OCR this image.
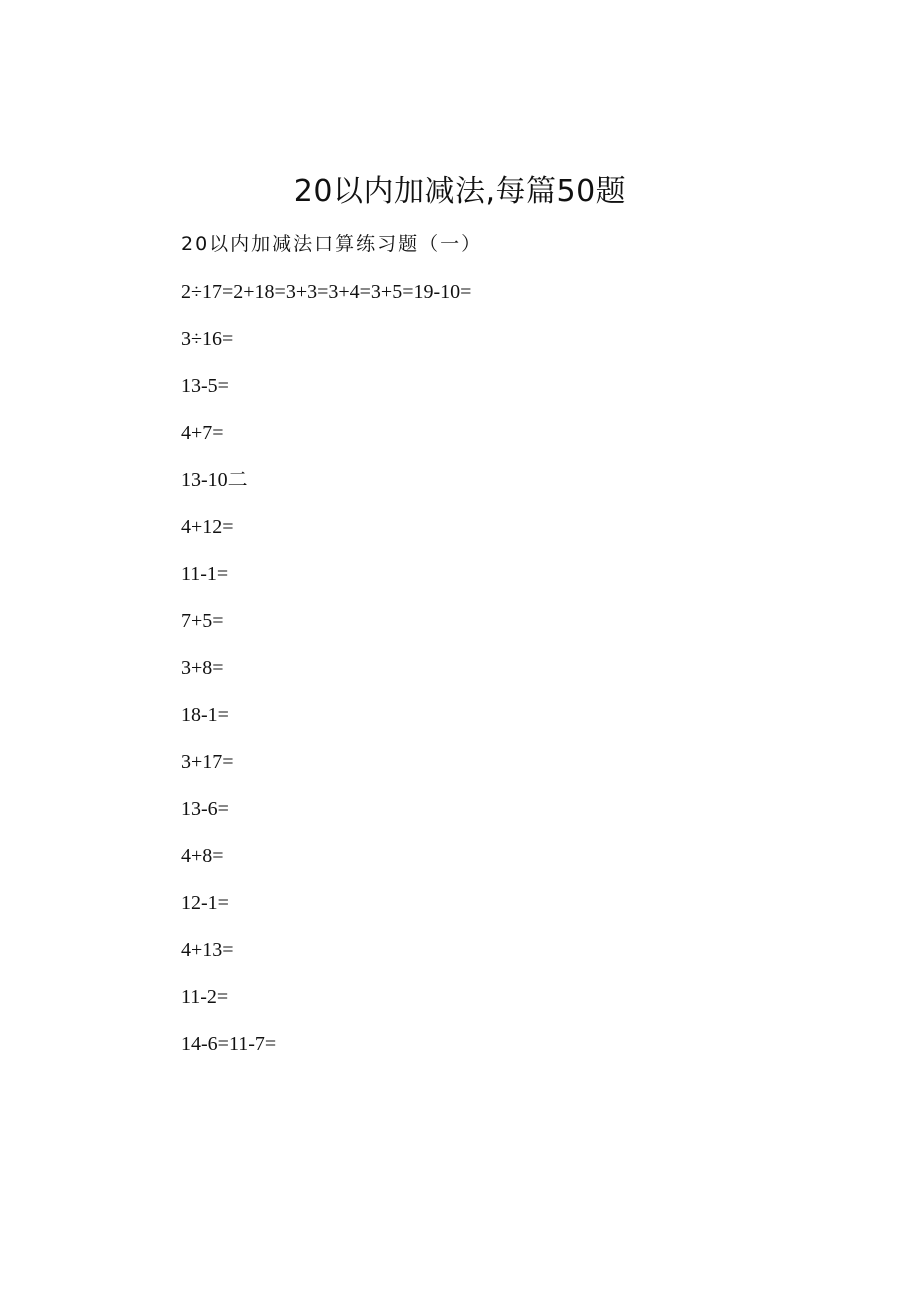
20以内加减法,每篇50题
20以内加减法口算练习题（一）
2÷17=2+18=3+3=3+4=3+5=19-10=
3÷16=
13-5=
4+7=
13-10二
4+12=
11-1=
7+5=
3+8=
18-1=
3+17=
13-6=
4+8=
12-1=
4+13=
11-2=
14-6=11-7=
